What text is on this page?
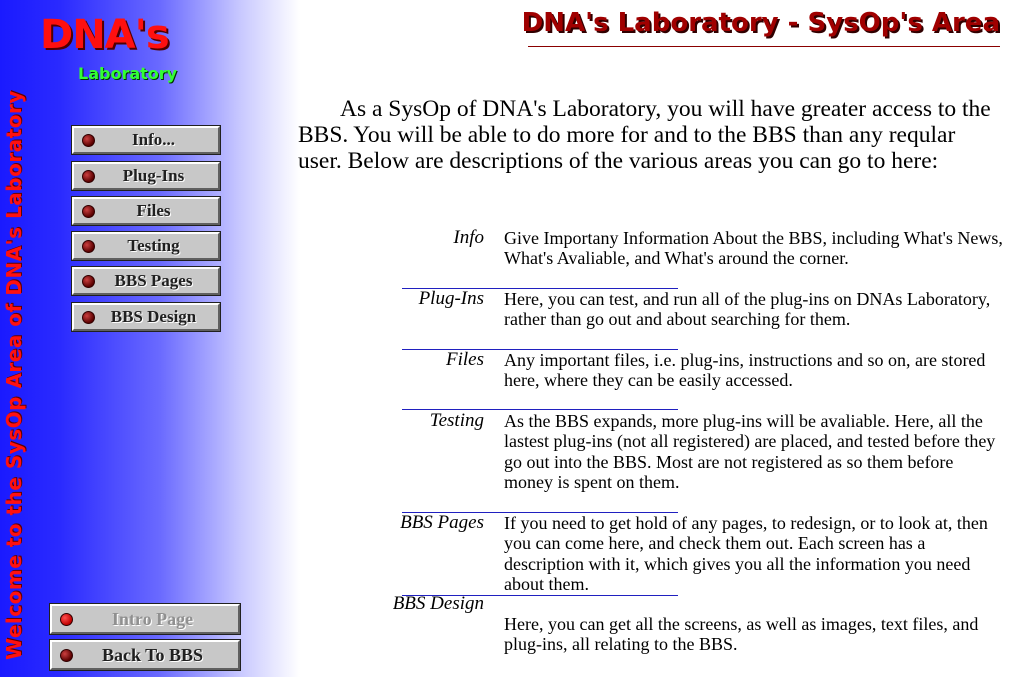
Welcome to the SysOp Area of DNA's Laboratory
DNA's
Laboratory
Info...
Plug-Ins
Files
Testing
BBS Pages
BBS Design
Intro Page
Back To BBS
DNA's Laboratory - SysOp's Area

As a SysOp of DNA's Laboratory, you will have greater access to the BBS. You will be able to do more for and to the BBS than any reqular user. Below are descriptions of the various areas you can go to here:

Info Give Importany Information About the BBS, including What's News, What's Avaliable, and What's around the corner.
Plug-Ins Here, you can test, and run all of the plug-ins on DNAs Laboratory, rather than go out and about searching for them.
Files Any important files, i.e. plug-ins, instructions and so on, are stored here, where they can be easily accessed.
Testing As the BBS expands, more plug-ins will be avaliable. Here, all the lastest plug-ins (not all registered) are placed, and tested before they go out into the BBS. Most are not registered as so them before money is spent on them.
BBS Pages If you need to get hold of any pages, to redesign, or to look at, then you can come here, and check them out. Each screen has a description with it, which gives you all the information you need about them.
BBS Design
Here, you can get all the screens, as well as images, text files, and plug-ins, all relating to the BBS.
